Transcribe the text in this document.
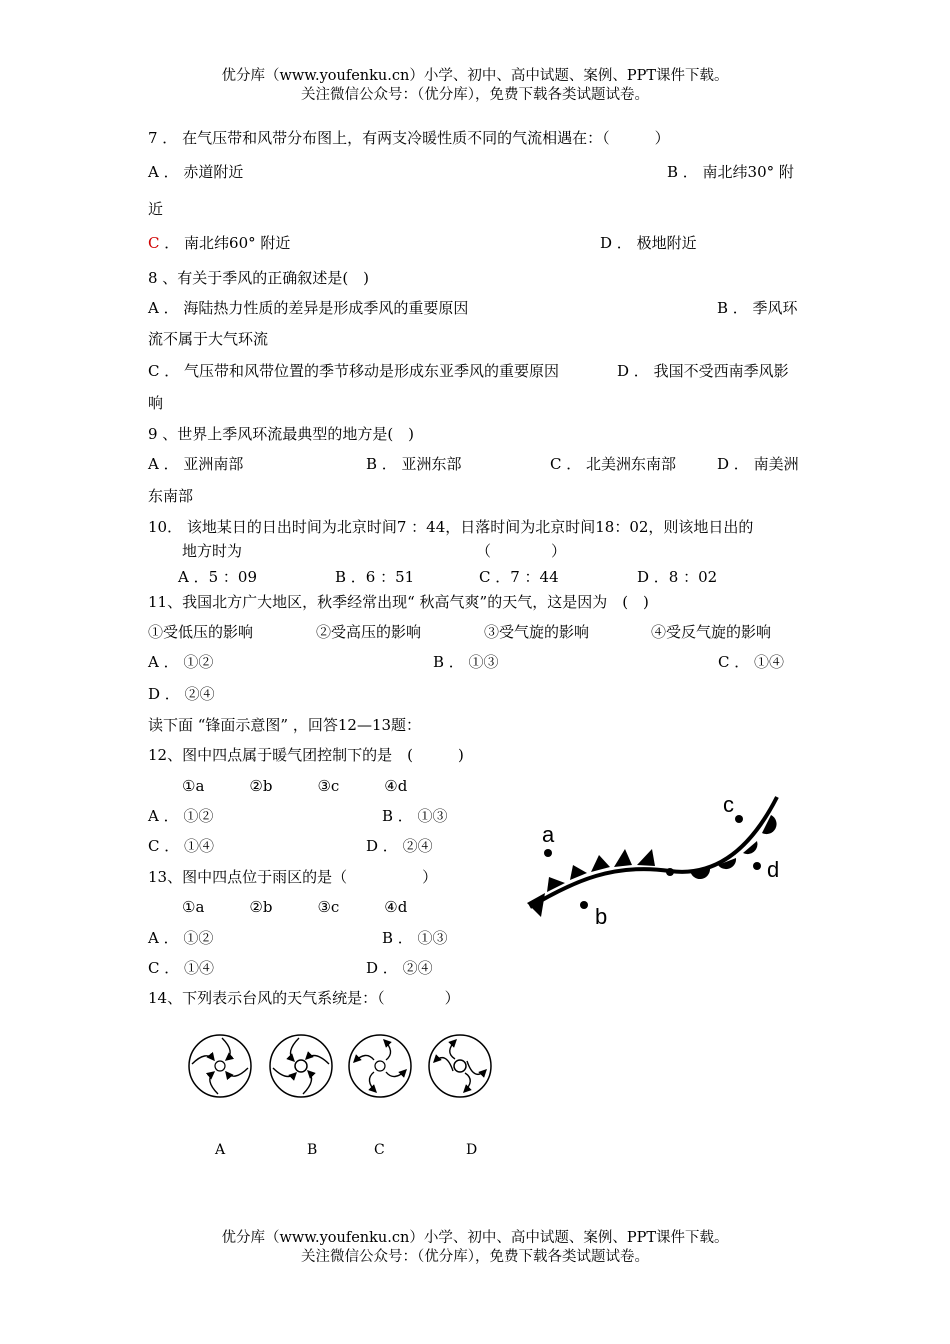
优分库（www.youfenku.cn）小学、初中、高中试题、案例、PPT课件下载。
关注微信公众号：（优分库），免费下载各类试题试卷。
7 ． 在气压带和风带分布图上，有两支冷暖性质不同的气流相遇在：（　　　）
A ． 赤道附近	B ． 南北纬30° 附
近
C ． 南北纬60° 附近	D ． 极地附近
8 、有关于季风的正确叙述是(　)
A ． 海陆热力性质的差异是形成季风的重要原因	B ． 季风环
流不属于大气环流
C ． 气压带和风带位置的季节移动是形成东亚季风的重要原因	D ． 我国不受西南季风影
响
9 、世界上季风环流最典型的地方是(　)
A ． 亚洲南部	B ． 亚洲东部	C ． 北美洲东南部	D ． 南美洲
东南部
10． 该地某日的日出时间为北京时间7 ：44，日落时间为北京时间18：02，则该地日出的
地方时为	（　　　　）
A ．5 ：09	B ．6 ：51	C ．7 ：44	D ．8 ：02
11、我国北方广大地区，秋季经常出现“ 秋高气爽”的天气，这是因为　(　)
①受低压的影响	②受高压的影响	③受气旋的影响	④受反气旋的影响
A ． ①②	B ． ①③	C ． ①④
D ． ②④
读下面 “锋面示意图” ，回答12—13题：
12、图中四点属于暖气团控制下的是　(　　　)
①a　　　②b　　　③c　　　④d
A ． ①②	B ． ①③
C ． ①④	D ． ②④
13、图中四点位于雨区的是（　　　　　）
①a　　　②b　　　③c　　　④d
A ． ①②	B ． ①③
C ． ①④	D ． ②④
a
b
c
d
14、下列表示台风的天气系统是：（　　　　）
A	B	C	D
优分库（www.youfenku.cn）小学、初中、高中试题、案例、PPT课件下载。
关注微信公众号：（优分库），免费下载各类试题试卷。
